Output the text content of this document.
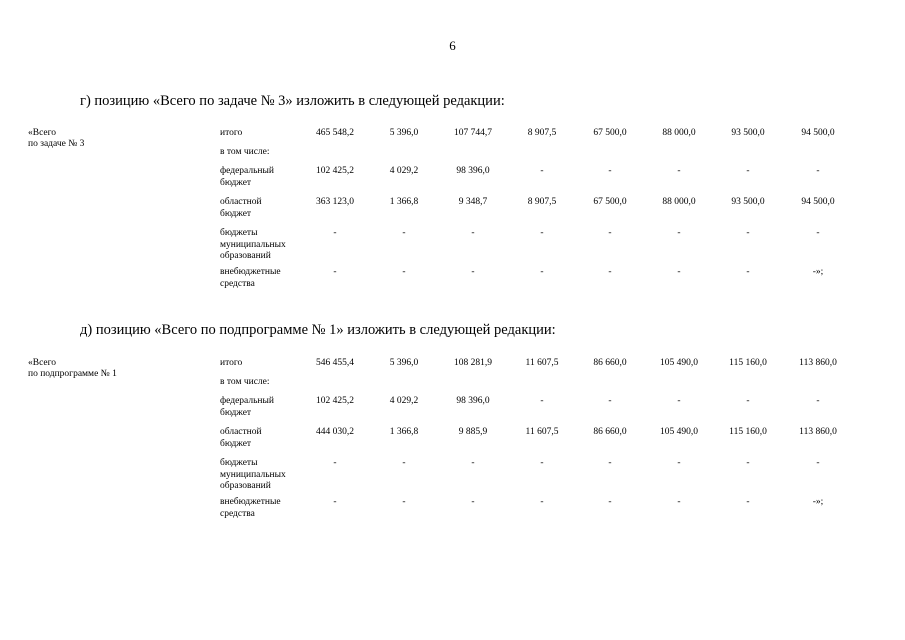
6
г) позицию «Всего по задаче № 3» изложить в следующей редакции:
д) позицию «Всего по подпрограмме № 1» изложить в следующей редакции:
«Всего
по задаче № 3
итого	465 548,2	5 396,0	107 744,7	8 907,5	67 500,0	88 000,0	93 500,0	94 500,0
в том числе:
федеральный
бюджет
102 425,2	4 029,2	98 396,0	-	-	-	-	-
областной
бюджет
363 123,0	1 366,8	9 348,7	8 907,5	67 500,0	88 000,0	93 500,0	94 500,0
бюджеты
муниципальных
образований
-	-	-	-	-	-	-	-
внебюджетные
средства
-	-	-	-	-	-	-	-»;
«Всего
по подпрограмме № 1
итого	546 455,4	5 396,0	108 281,9	11 607,5	86 660,0	105 490,0	115 160,0	113 860,0
в том числе:
федеральный
бюджет
102 425,2	4 029,2	98 396,0	-	-	-	-	-
областной
бюджет
444 030,2	1 366,8	9 885,9	11 607,5	86 660,0	105 490,0	115 160,0	113 860,0
бюджеты
муниципальных
образований
-	-	-	-	-	-	-	-
внебюджетные
средства
-	-	-	-	-	-	-	-»;
